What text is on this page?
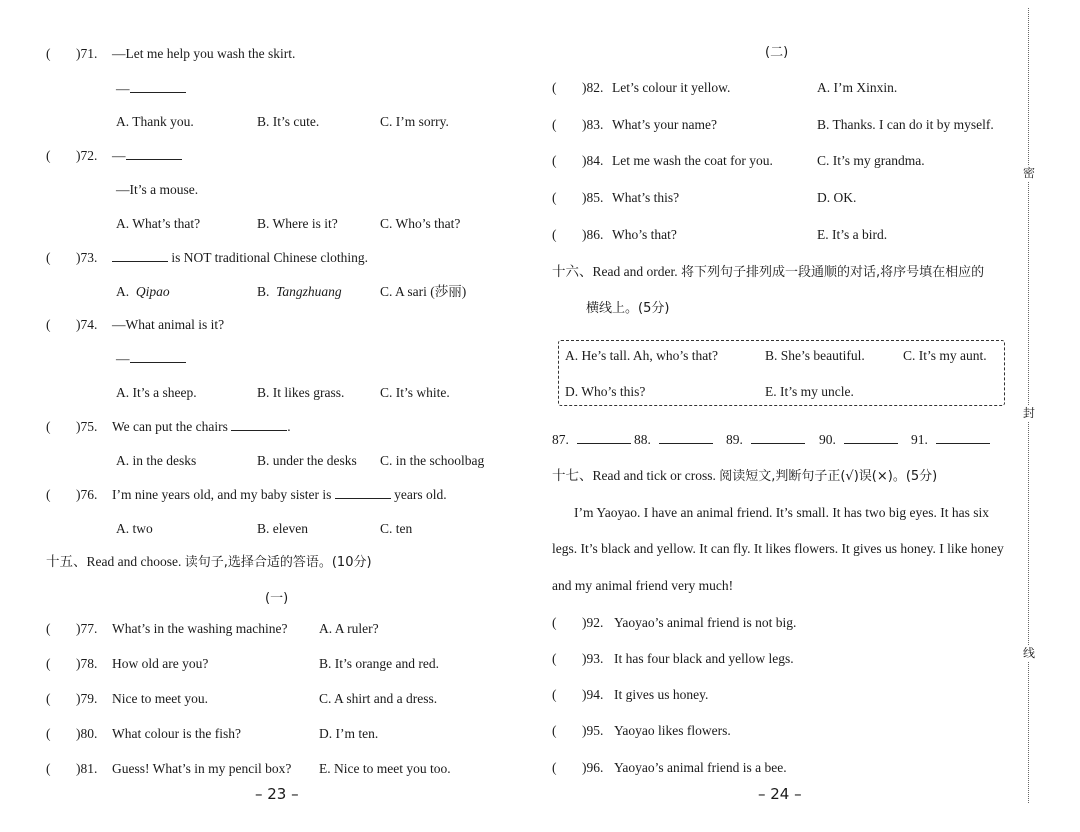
( )71. —Let me help you wash the skirt.
—
A. Thank you.	B. It’s cute.	C. I’m sorry.
( )72. —
—It’s a mouse.
A. What’s that?	B. Where is it?	C. Who’s that?
( )73.	is NOT traditional Chinese clothing.
A. Qipao	B. Tangzhuang	C. A sari (莎丽)
( )74. —What animal is it?
—
A. It’s a sheep.	B. It likes grass.	C. It’s white.
( )75. We can put the chairs	.
A. in the desks	B. under the desks C. in the schoolbag
( )76. I’m nine years old, and my baby sister is	years old.
A. two	B. eleven	C. ten
十五、Read and choose. 读句子,选择合适的答语。(10分)
(一)
( )77. What’s in the washing machine? A. A ruler?
( )78. How old are you?	B. It’s orange and red.
( )79. Nice to meet you.	C. A shirt and a dress.
( )80. What colour is the fish?	D. I’m ten.
( )81. Guess! What’s in my pencil box? E. Nice to meet you too.
– 23 –
(二)
( )82. Let’s colour it yellow.	A. I’m Xinxin.
( )83. What’s your name?	B. Thanks. I can do it by myself.
( )84. Let me wash the coat for you.	C. It’s my grandma.
( )85. What’s this?	D. OK.
( )86. Who’s that?	E. It’s a bird.
十六、Read and order. 将下列句子排列成一段通顺的对话,将序号填在相应的
横线上。(5分)
A. He’s tall. Ah, who’s that?	B. She’s beautiful.	C. It’s my aunt.
D. Who’s this?	E. It’s my uncle.
87.	88.	89.	90.	91.
十七、Read and tick or cross. 阅读短文,判断句子正(√)误(×)。(5分)
I’m Yaoyao. I have an animal friend. It’s small. It has two big eyes. It has six
legs. It’s black and yellow. It can fly. It likes flowers. It gives us honey. I like honey
and my animal friend very much!
( )92. Yaoyao’s animal friend is not big.
( )93. It has four black and yellow legs.
( )94. It gives us honey.
( )95. Yaoyao likes flowers.
( )96. Yaoyao’s animal friend is a bee.
– 24 –
密
封
线
